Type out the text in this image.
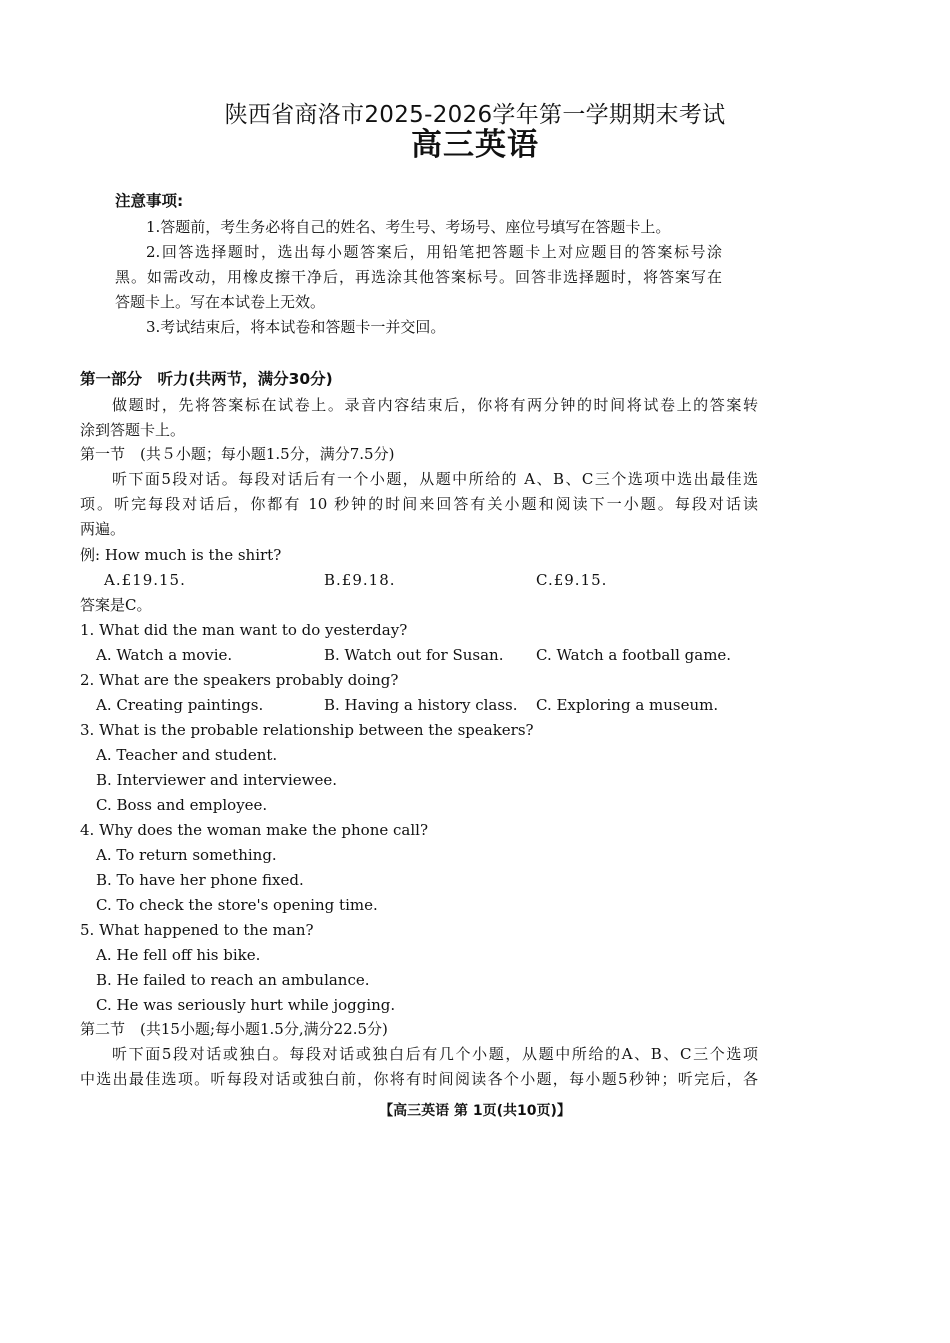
陕西省商洛市2025-2026学年第一学期期末考试
高三英语
注意事项:
1.答题前，考生务必将自己的姓名、考生号、考场号、座位号填写在答题卡上。
2.回答选择题时，选出每小题答案后，用铅笔把答题卡上对应题目的答案标号涂
黑。如需改动，用橡皮擦干净后，再选涂其他答案标号。回答非选择题时，将答案写在
答题卡上。写在本试卷上无效。
3.考试结束后，将本试卷和答题卡一并交回。
第一部分　听力(共两节，满分30分)
做题时，先将答案标在试卷上。录音内容结束后，你将有两分钟的时间将试卷上的答案转
涂到答题卡上。
第一节　(共５小题；每小题1.5分，满分7.5分)
听下面5段对话。每段对话后有一个小题，从题中所给的 A、B、C三个选项中选出最佳选
项。听完每段对话后，你都有 10 秒钟的时间来回答有关小题和阅读下一小题。每段对话读
两遍。
例: How much is the shirt?
A.£19.15.	B.£9.18.	C.£9.15.
答案是C。
1. What did the man want to do yesterday?
A. Watch a movie.	B. Watch out for Susan. C. Watch a football game.
2. What are the speakers probably doing?
A. Creating paintings.	B. Having a history class. C. Exploring a museum.
3. What is the probable relationship between the speakers?
A. Teacher and student.
B. Interviewer and interviewee.
C. Boss and employee.
4. Why does the woman make the phone call?
A. To return something.
B. To have her phone fixed.
C. To check the store's opening time.
5. What happened to the man?
A. He fell off his bike.
B. He failed to reach an ambulance.
C. He was seriously hurt while jogging.
第二节　(共15小题;每小题1.5分,满分22.5分)
听下面5段对话或独白。每段对话或独白后有几个小题，从题中所给的A、B、C三个选项
中选出最佳选项。听每段对话或独白前，你将有时间阅读各个小题，每小题5秒钟；听完后，各
【高三英语 第 1页(共10页)】
